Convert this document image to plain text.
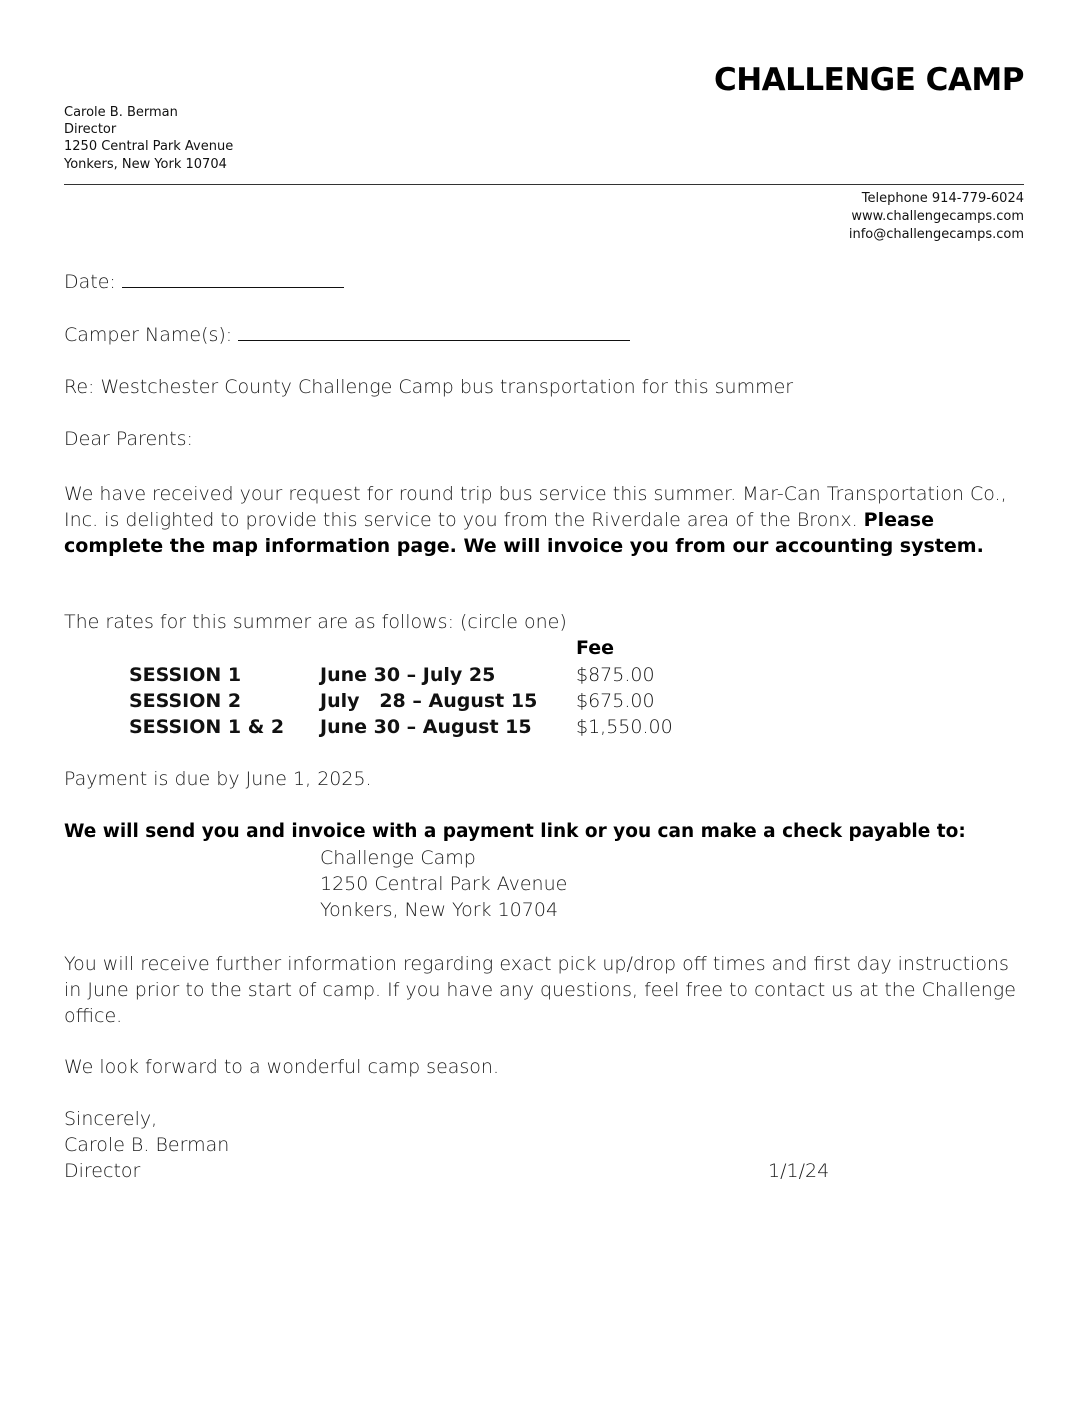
CHALLENGE CAMP
Carole B. Berman
Director
1250 Central Park Avenue
Yonkers, New York 10704
Telephone 914-779-6024
www.challengecamps.com
info@challengecamps.com
Date:
Camper Name(s):
Re: Westchester County Challenge Camp bus transportation for this summer
Dear Parents:
We have received your request for round trip bus service this summer. Mar-Can Transportation Co., Inc. is delighted to provide this service to you from the Riverdale area of the Bronx. Please complete the map information page. We will invoice you from our accounting system.
The rates for this summer are as follows: (circle one)
Fee
SESSION 1	June 30 – July 25	$875.00
SESSION 2	July   28 – August 15 $675.00
SESSION 1 & 2 June 30 – August 15 $1,550.00
Payment is due by June 1, 2025.
We will send you and invoice with a payment link or you can make a check payable to:
Challenge Camp
1250 Central Park Avenue
Yonkers, New York 10704
You will receive further information regarding exact pick up/drop off times and first day instructions in June prior to the start of camp. If you have any questions, feel free to contact us at the Challenge office.
We look forward to a wonderful camp season.
Sincerely,
Carole B. Berman
Director	1/1/24
